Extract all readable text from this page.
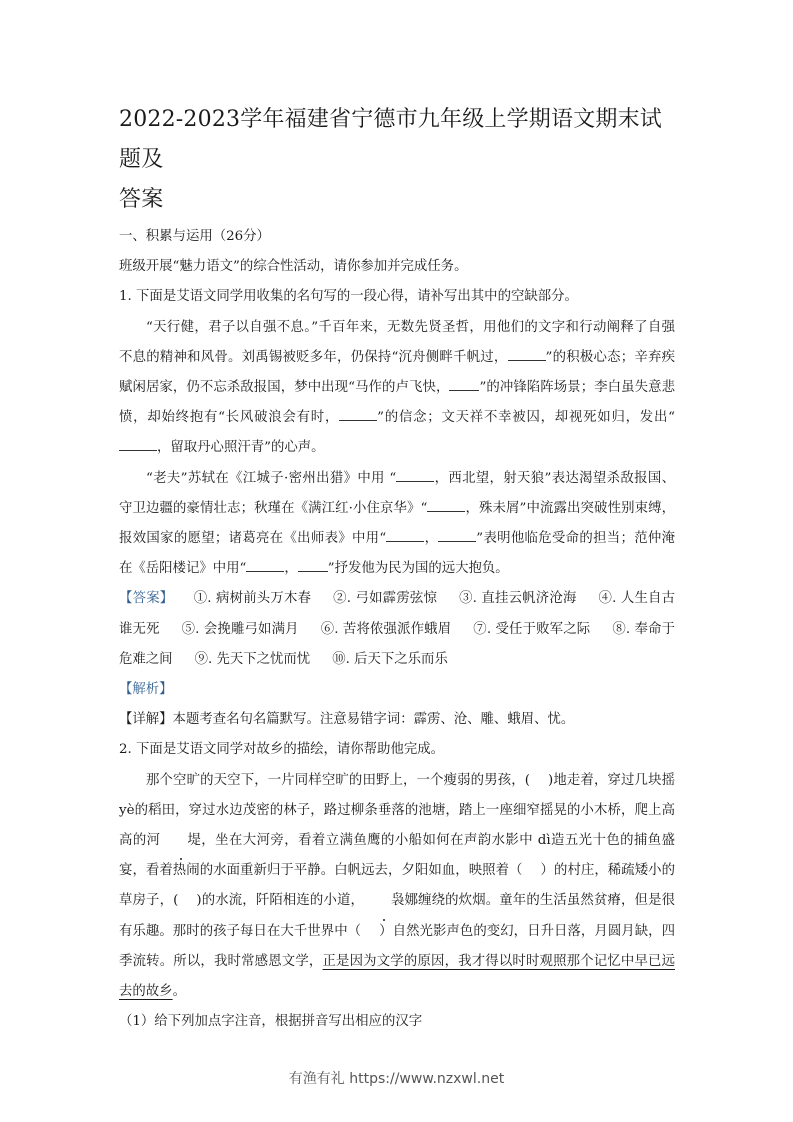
2022-2023学年福建省宁德市九年级上学期语文期末试题及
答案

一、积累与运用（26分）

班级开展“魅力语文”的综合性活动，请你参加并完成任务。

1. 下面是艾语文同学用收集的名句写的一段心得，请补写出其中的空缺部分。

“天行健，君子以自强不息。”千百年来，无数先贤圣哲，用他们的文字和行动阐释了自强不息的精神和风骨。刘禹锡被贬多年，仍保持“沉舟侧畔千帆过，	”的积极心态；辛弃疾赋闲居家，仍不忘杀敌报国，梦中出现“马作的卢飞快， ”的冲锋陷阵场景；李白虽失意悲愤，却始终抱有“长风破浪会有时，	”的信念；文天祥不幸被囚，却视死如归，发出“，留取丹心照汗青”的心声。

“老夫”苏轼在《江城子·密州出猎》中用 “	，西北望，射天狼”表达渴望杀敌报国、守卫边疆的豪情壮志；秋瑾在《满江红·小住京华》“	，殊未屑”中流露出突破性别束缚，报效国家的愿望；诸葛亮在《出师表》中用“	，	”表明他临危受命的担当；范仲淹在《岳阳楼记》中用“	， ”抒发他为民为国的远大抱负。

【答案】   ①. 病树前头万木春 ②. 弓如霹雳弦惊 ③. 直挂云帆济沧海 ④. 人生自古谁无死 ⑤. 会挽雕弓如满月 ⑥. 苦将侬强派作蛾眉 ⑦. 受任于败军之际 ⑧. 奉命于危难之间 ⑨. 先天下之忧而忧 ⑩. 后天下之乐而乐

【解析】

【详解】本题考查名句名篇默写。注意易错字词：霹雳、沧、雕、蛾眉、忧。

2. 下面是艾语文同学对故乡的描绘，请你帮助他完成。

那个空旷的天空下，一片同样空旷的田野上，一个瘦弱的男孩，( )地走着，穿过几块摇 yè的稻田，穿过水边茂密的林子，路过柳条垂落的池塘，踏上一座细窄摇晃的小木桥，爬上高高的河 堤，坐在大河旁，看着立满鱼鹰的小船如何在声韵水影中 dì造五光十色的捕鱼盛宴，看着热闹的水面重新归于平静。白帆远去，夕阳如血，映照着（ ）的村庄，稀疏矮小的草房子，( )的水流，阡陌相连的小道， 袅娜缠绕的炊烟。童年的生活虽然贫瘠，但是很有乐趣。那时的孩子每日在大千世界中（ ）自然光影声色的变幻，日升日落，月圆月缺，四季流转。所以，我时常感恩文学，正是因为文学的原因，我才得以时时观照那个记忆中早已远去的故乡。

（1）给下列加点字注音，根据拼音写出相应的汉字

有渔有礼 https://www.nzxwl.net
